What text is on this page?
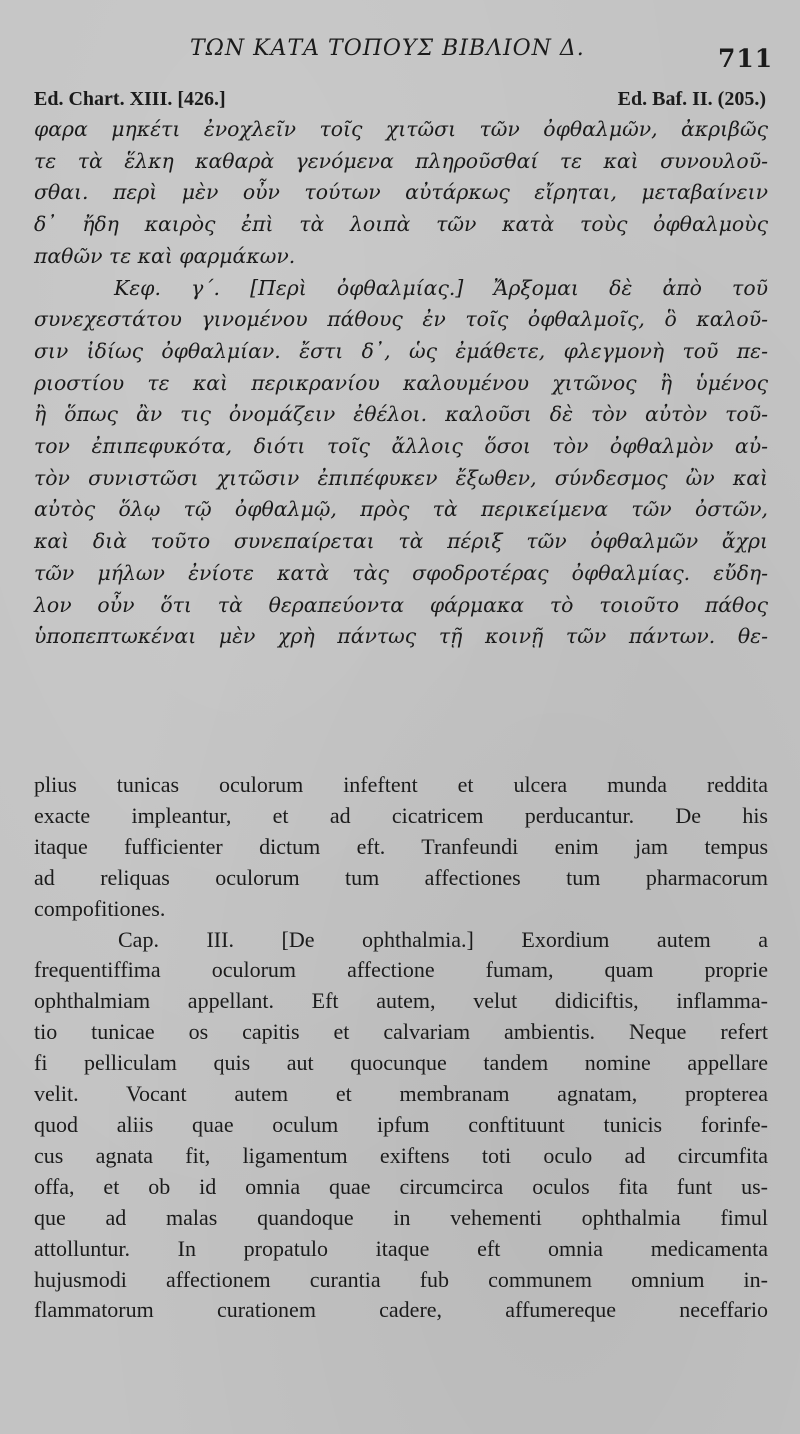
ΤΩΝ ΚΑΤΑ ΤΟΠΟΥΣ ΒΙΒΛΙΟΝ Δ.	711
Ed. Chart. XIII. [426.]	Ed. Baf. II. (205.)
φαρα μηκέτι ἐνοχλεῖν τοῖς χιτῶσι τῶν ὀφθαλμῶν, ἀκριβῶς
τε τὰ ἕλκη καθαρὰ γενόμενα πληροῦσθαί τε καὶ συνουλοῦ-
σθαι. περὶ μὲν οὖν τούτων αὐτάρκως εἴρηται, μεταβαίνειν
δ᾽ ἤδη καιρὸς ἐπὶ τὰ λοιπὰ τῶν κατὰ τοὺς ὀφθαλμοὺς
παθῶν τε καὶ φαρμάκων.
Κεφ. γ΄. [Περὶ ὀφθαλμίας.] Ἄρξομαι δὲ ἀπὸ τοῦ
συνεχεστάτου γινομένου πάθους ἐν τοῖς ὀφθαλμοῖς, ὃ καλοῦ-
σιν ἰδίως ὀφθαλμίαν. ἔστι δ᾽, ὡς ἐμάθετε, φλεγμονὴ τοῦ πε-
ριοστίου τε καὶ περικρανίου καλουμένου χιτῶνος ἢ ὑμένος
ἢ ὅπως ἂν τις ὀνομάζειν ἐθέλοι. καλοῦσι δὲ τὸν αὐτὸν τοῦ-
τον ἐπιπεφυκότα, διότι τοῖς ἄλλοις ὅσοι τὸν ὀφθαλμὸν αὐ-
τὸν συνιστῶσι χιτῶσιν ἐπιπέφυκεν ἔξωθεν, σύνδεσμος ὢν καὶ
αὐτὸς ὅλῳ τῷ ὀφθαλμῷ, πρὸς τὰ περικείμενα τῶν ὀστῶν,
καὶ διὰ τοῦτο συνεπαίρεται τὰ πέριξ τῶν ὀφθαλμῶν ἄχρι
τῶν μήλων ἐνίοτε κατὰ τὰς σφοδροτέρας ὀφθαλμίας. εὔδη-
λον οὖν ὅτι τὰ θεραπεύοντα φάρμακα τὸ τοιοῦτο πάθος
ὑποπεπτωκέναι μὲν χρὴ πάντως τῇ κοινῇ τῶν πάντων. θε-
plius tunicas oculorum infeftent et ulcera munda reddita
exacte impleantur, et ad cicatricem perducantur. De his
itaque fufficienter dictum eft. Tranfeundi enim jam tempus
ad reliquas oculorum tum affectiones tum pharmacorum
compofitiones.
Cap. III. [De ophthalmia.] Exordium autem a
frequentiffima oculorum affectione fumam, quam proprie
ophthalmiam appellant. Eft autem, velut didiciftis, inflamma-
tio tunicae os capitis et calvariam ambientis. Neque refert
fi pelliculam quis aut quocunque tandem nomine appellare
velit. Vocant autem et membranam agnatam, propterea
quod aliis quae oculum ipfum conftituunt tunicis forinfe-
cus agnata fit, ligamentum exiftens toti oculo ad circumfita
offa, et ob id omnia quae circumcirca oculos fita funt us-
que ad malas quandoque in vehementi ophthalmia fimul
attolluntur. In propatulo itaque eft omnia medicamenta
hujusmodi affectionem curantia fub communem omnium in-
flammatorum curationem cadere, affumereque neceffario
